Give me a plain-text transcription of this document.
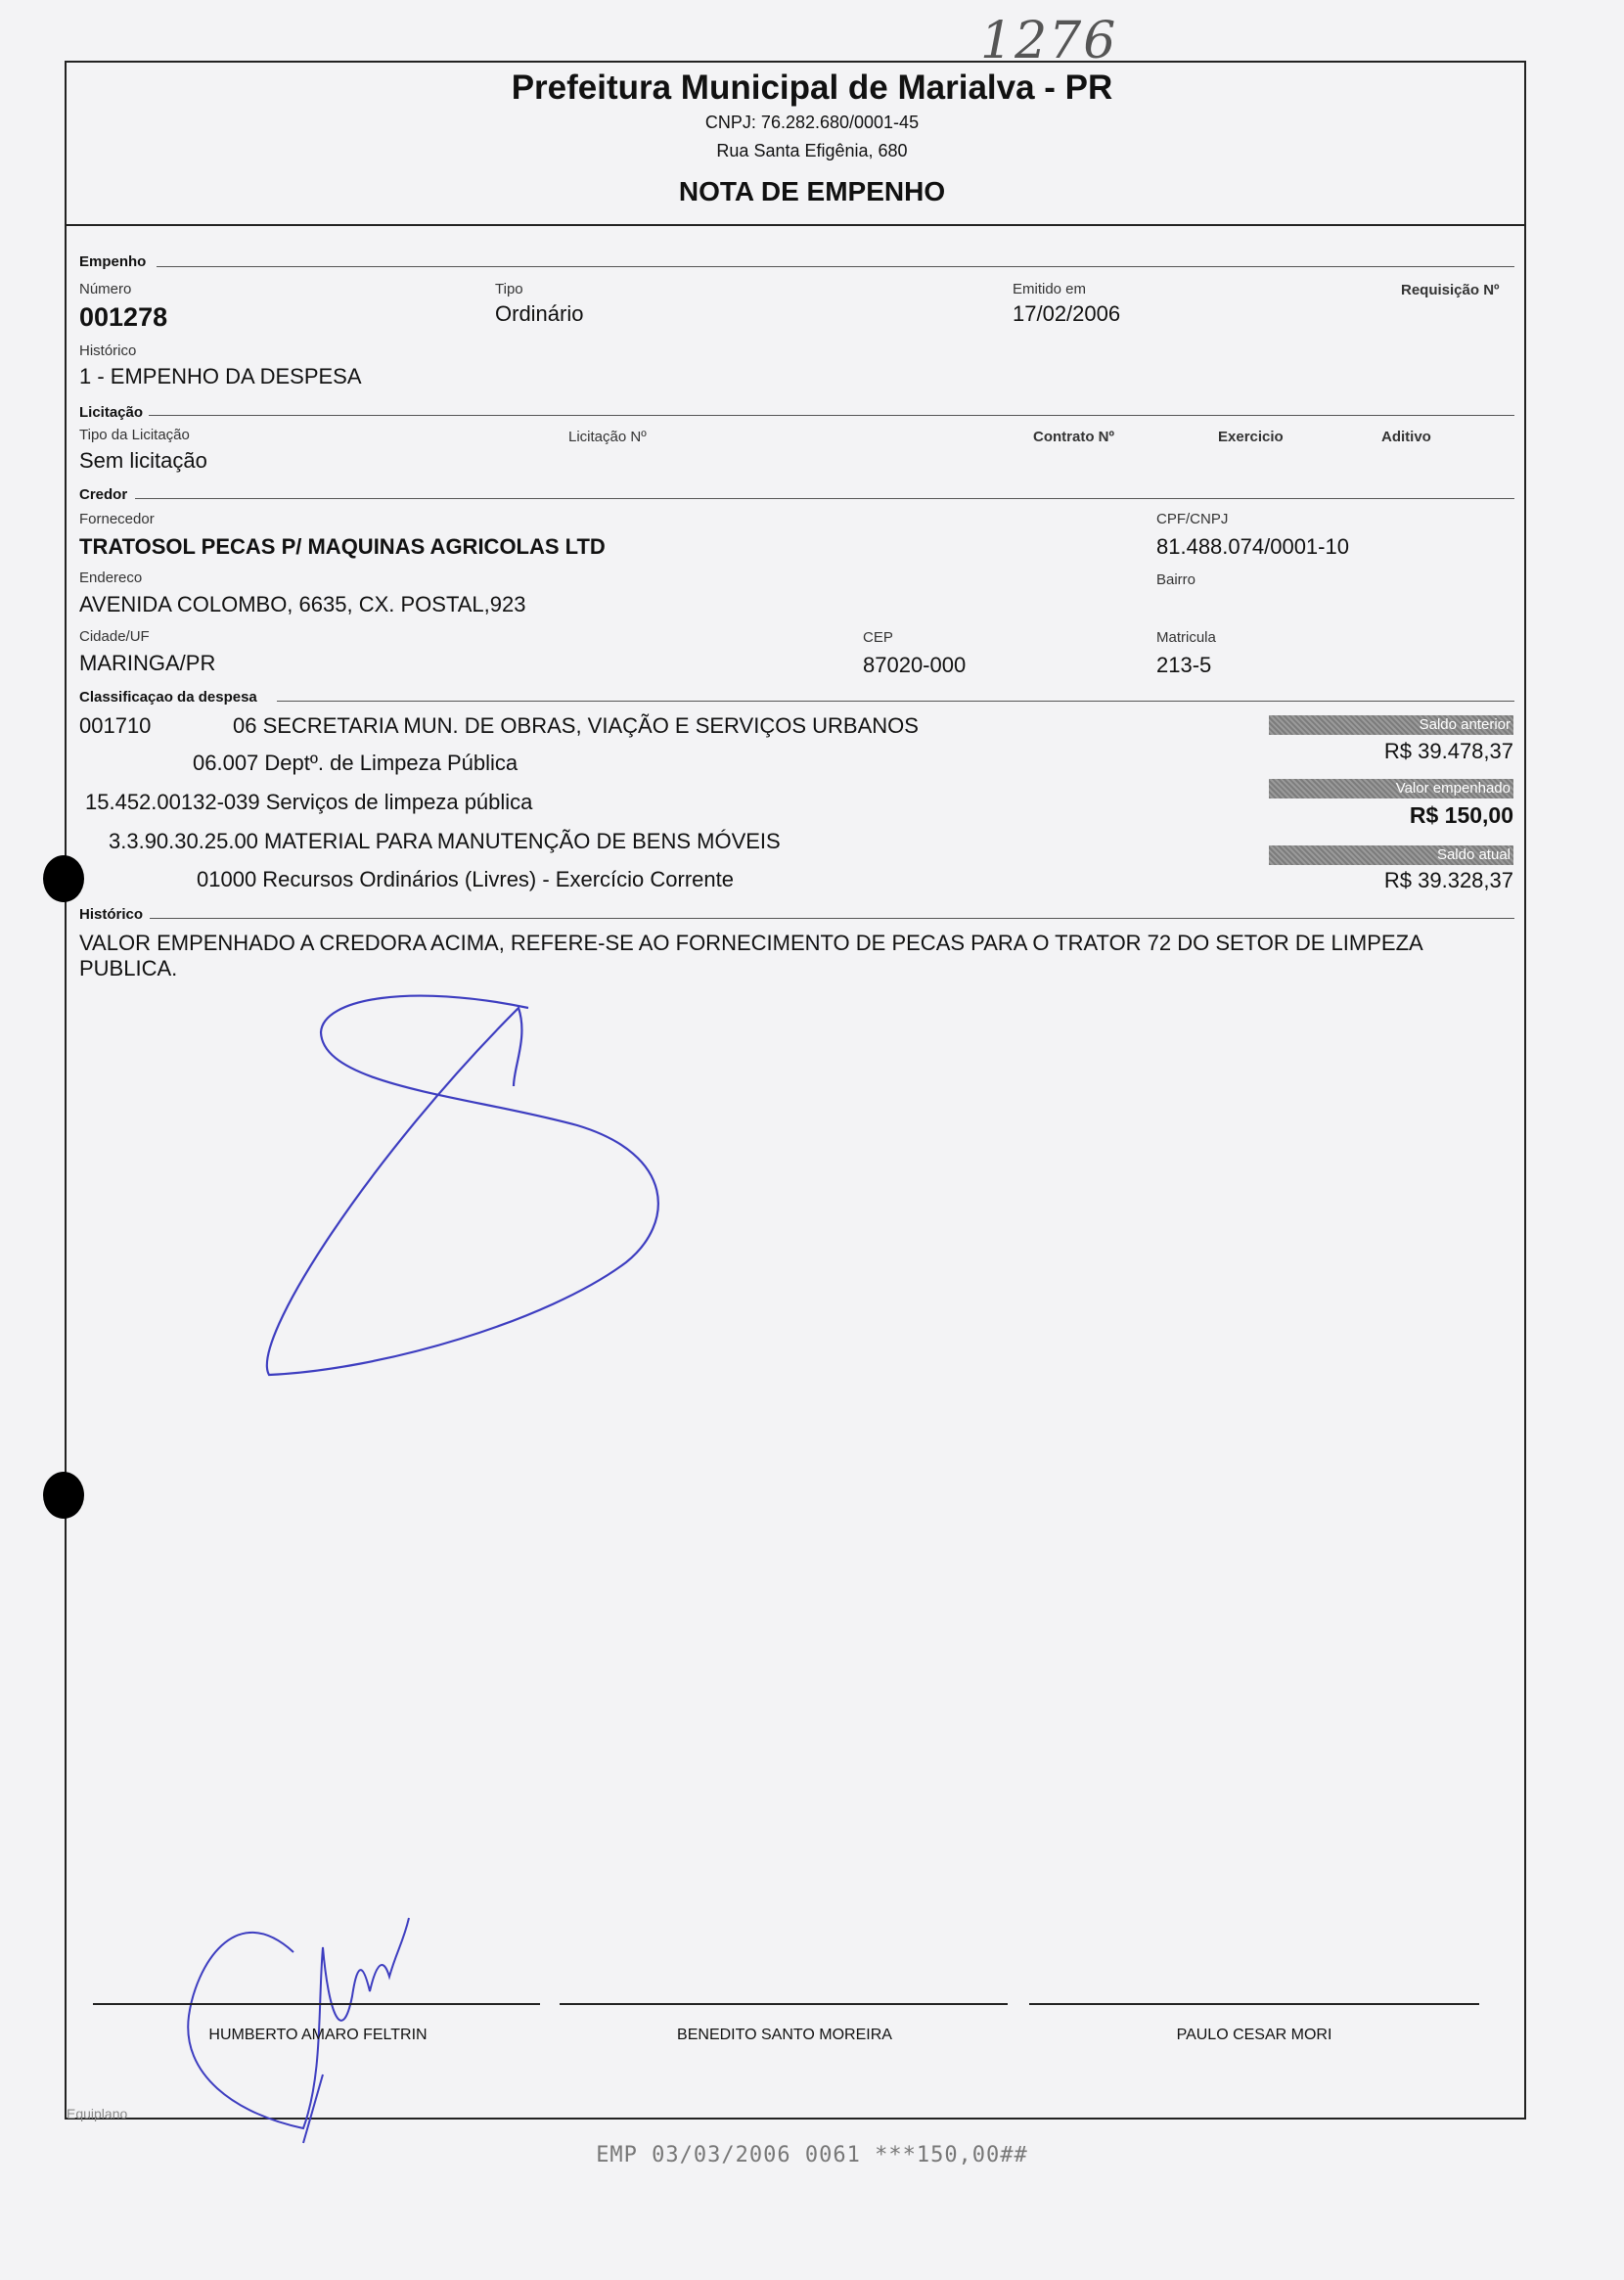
1276
Prefeitura Municipal de Marialva - PR
CNPJ: 76.282.680/0001-45
Rua Santa Efigênia, 680
NOTA DE EMPENHO
Empenho
Número
001278
Tipo
Ordinário
Emitido em
17/02/2006
Requisição Nº
Histórico
1 - EMPENHO DA DESPESA
Licitação
Tipo da Licitação
Sem licitação
Licitação Nº	Contrato Nº	Exercicio	Aditivo
Credor
Fornecedor
TRATOSOL PECAS P/ MAQUINAS AGRICOLAS LTD
CPF/CNPJ
81.488.074/0001-10
Endereco
AVENIDA COLOMBO, 6635, CX. POSTAL,923
Bairro
Cidade/UF
MARINGA/PR
CEP
87020-000
Matricula
213-5
Classificaçao da despesa
001710	06 SECRETARIA MUN. DE OBRAS, VIAÇÃO E SERVIÇOS URBANOS
06.007 Deptº. de Limpeza Pública
15.452.00132-039 Serviços de limpeza pública
3.3.90.30.25.00 MATERIAL PARA MANUTENÇÃO DE BENS MÓVEIS
01000 Recursos Ordinários (Livres) - Exercício Corrente
Saldo anterior
R$ 39.478,37
Valor empenhado
R$ 150,00
Saldo atual
R$ 39.328,37
Histórico
VALOR EMPENHADO A CREDORA ACIMA, REFERE-SE AO FORNECIMENTO DE PECAS PARA O TRATOR 72 DO SETOR DE LIMPEZA
PUBLICA.
HUMBERTO AMARO FELTRIN	BENEDITO SANTO MOREIRA	PAULO CESAR MORI
Equiplano
EMP 03/03/2006 0061 ***150,00##
